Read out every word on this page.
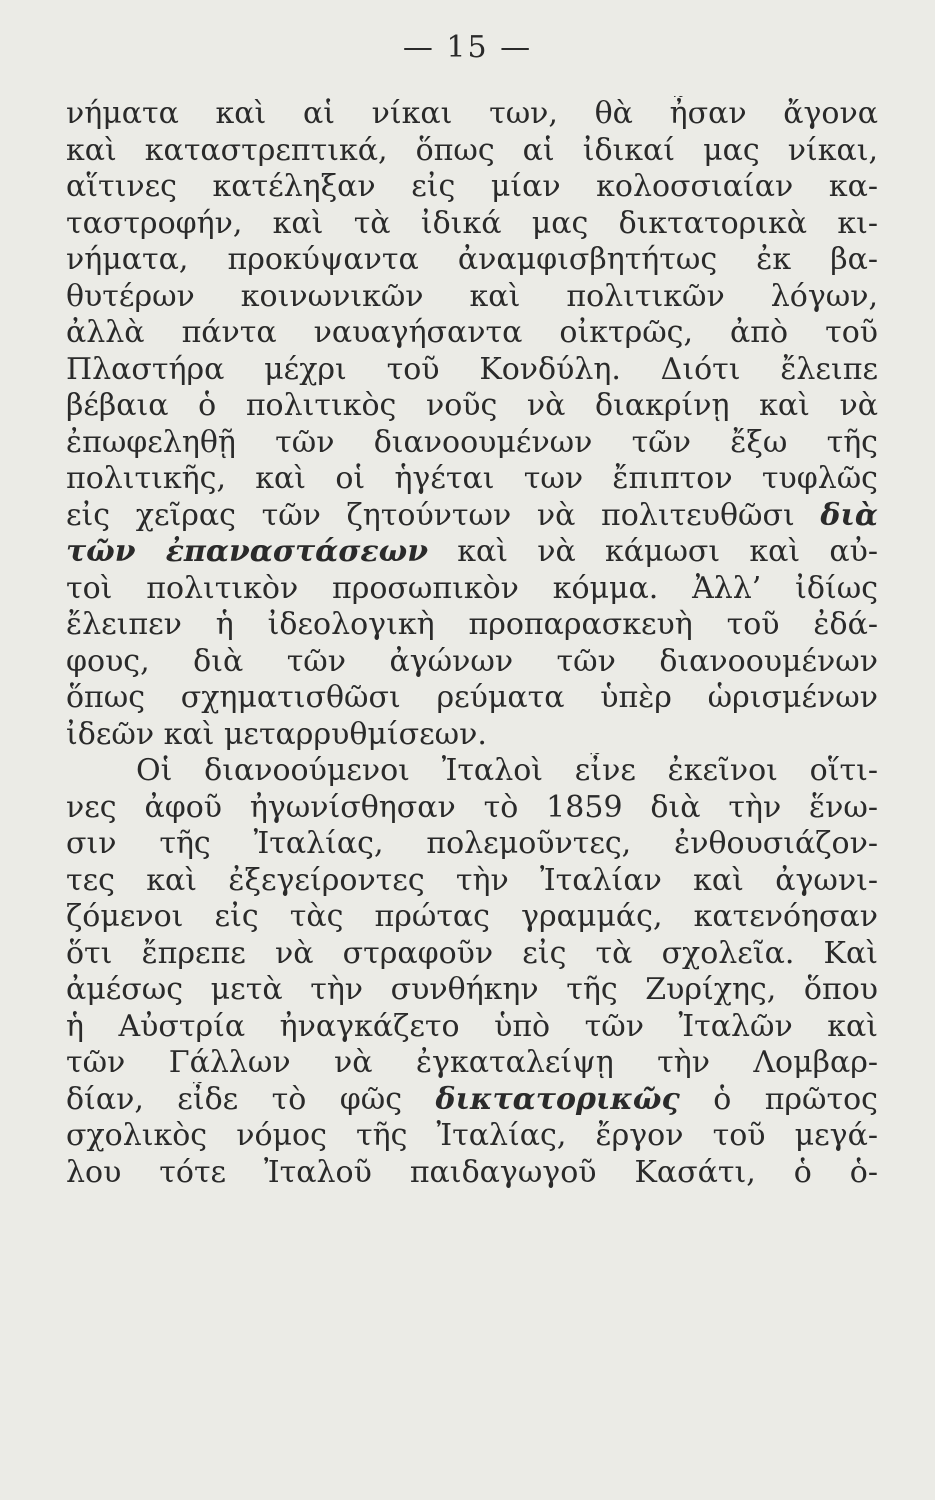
— 15 —
νήματα καὶ αἱ νίκαι των, θὰ ἦσαν ἄγονα
καὶ καταστρεπτικά, ὅπως αἱ ἰδικαί μας νίκαι,
αἵτινες κατέληξαν εἰς μίαν κολοσσιαίαν κα-
ταστροφήν, καὶ τὰ ἰδικά μας δικτατορικὰ κι-
νήματα, προκύψαντα ἀναμφισβητήτως ἐκ βα-
θυτέρων κοινωνικῶν καὶ πολιτικῶν λόγων,
ἀλλὰ πάντα ναυαγήσαντα οἰκτρῶς, ἀπὸ τοῦ
Πλαστήρα μέχρι τοῦ Κονδύλη. Διότι ἔλειπε
βέβαια ὁ πολιτικὸς νοῦς νὰ διακρίνῃ καὶ νὰ
ἐπωφεληθῇ τῶν διανοουμένων τῶν ἔξω τῆς
πολιτικῆς, καὶ οἱ ἡγέται των ἔπιπτον τυφλῶς
εἰς χεῖρας τῶν ζητούντων νὰ πολιτευθῶσι διὰ
τῶν ἐπαναστάσεων καὶ νὰ κάμωσι καὶ αὐ-
τοὶ πολιτικὸν προσωπικὸν κόμμα. Ἀλλ’ ἰδίως
ἔλειπεν ἡ ἰδεολογικὴ προπαρασκευὴ τοῦ ἐδά-
φους, διὰ τῶν ἀγώνων τῶν διανοουμένων
ὅπως σχηματισθῶσι ρεύματα ὑπὲρ ὡρισμένων
ἰδεῶν καὶ μεταρρυθμίσεων.
Οἱ διανοούμενοι Ἰταλοὶ εἶνε ἐκεῖνοι οἵτι-
νες ἀφοῦ ἠγωνίσθησαν τὸ 1859 διὰ τὴν ἕνω-
σιν τῆς Ἰταλίας, πολεμοῦντες, ἐνθουσιάζον-
τες καὶ ἐξεγείροντες τὴν Ἰταλίαν καὶ ἀγωνι-
ζόμενοι εἰς τὰς πρώτας γραμμάς, κατενόησαν
ὅτι ἔπρεπε νὰ στραφοῦν εἰς τὰ σχολεῖα. Καὶ
ἀμέσως μετὰ τὴν συνθήκην τῆς Ζυρίχης, ὅπου
ἡ Αὐστρία ἠναγκάζετο ὑπὸ τῶν Ἰταλῶν καὶ
τῶν Γάλλων νὰ ἐγκαταλείψῃ τὴν Λομβαρ-
δίαν, εἶδε τὸ φῶς δικτατορικῶς ὁ πρῶτος
σχολικὸς νόμος τῆς Ἰταλίας, ἔργον τοῦ μεγά-
λου τότε Ἰταλοῦ παιδαγωγοῦ Κασάτι, ὁ ὁ-
